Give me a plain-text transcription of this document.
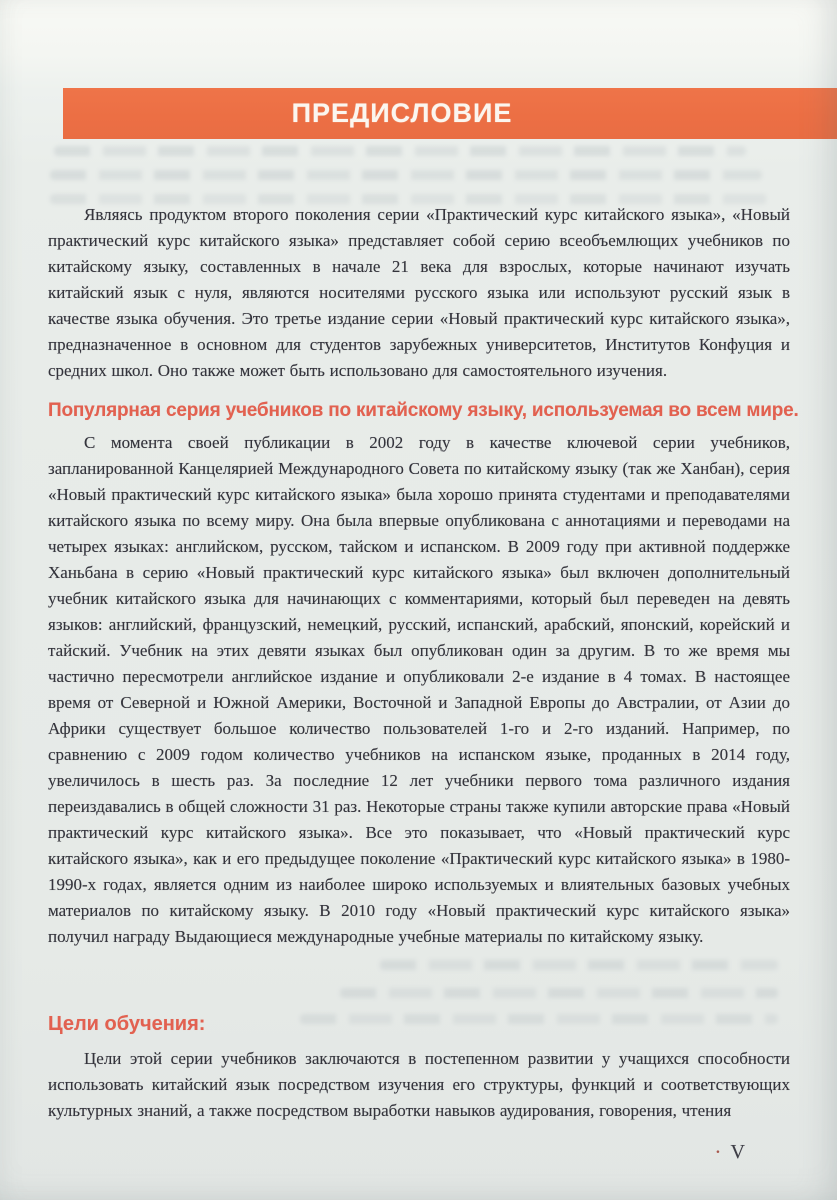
ПРЕДИСЛОВИЕ

Являясь продуктом второго поколения серии «Практический курс китайского языка», «Новый практический курс китайского языка» представляет собой серию всеобъемлющих учебников по китайскому языку, составленных в начале 21 века для взрослых, которые начинают изучать китайский язык с нуля, являются носителями русского языка или используют русский язык в качестве языка обучения. Это третье издание серии «Новый практический курс китайского языка», предназначенное в основном для студентов зарубежных университетов, Институтов Конфуция и средних школ. Оно также может быть использовано для самостоятельного изучения.

Популярная серия учебников по китайскому языку, используемая во всем мире.

С момента своей публикации в 2002 году в качестве ключевой серии учебников, запланированной Канцелярией Международного Совета по китайскому языку (так же Ханбан), серия «Новый практический курс китайского языка» была хорошо принята студентами и преподавателями китайского языка по всему миру. Она была впервые опубликована с аннотациями и переводами на четырех языках: английском, русском, тайском и испанском. В 2009 году при активной поддержке Ханьбана в серию «Новый практический курс китайского языка» был включен дополнительный учебник китайского языка для начинающих с комментариями, который был переведен на девять языков: английский, французский, немецкий, русский, испанский, арабский, японский, корейский и тайский. Учебник на этих девяти языках был опубликован один за другим. В то же время мы частично пересмотрели английское издание и опубликовали 2-е издание в 4 томах. В настоящее время от Северной и Южной Америки, Восточной и Западной Европы до Австралии, от Азии до Африки существует большое количество пользователей 1-го и 2-го изданий. Например, по сравнению с 2009 годом количество учебников на испанском языке, проданных в 2014 году, увеличилось в шесть раз. За последние 12 лет учебники первого тома различного издания переиздавались в общей сложности 31 раз. Некоторые страны также купили авторские права «Новый практический курс китайского языка». Все это показывает, что «Новый практический курс китайского языка», как и его предыдущее поколение «Практический курс китайского языка» в 1980-1990-х годах, является одним из наиболее широко используемых и влиятельных базовых учебных материалов по китайскому языку. В 2010 году «Новый практический курс китайского языка» получил награду Выдающиеся международные учебные материалы по китайскому языку.

Цели обучения:

Цели этой серии учебников заключаются в постепенном развитии у учащихся способности использовать китайский язык посредством изучения его структуры, функций и соответствующих культурных знаний, а также посредством выработки навыков аудирования, говорения, чтения

· V
